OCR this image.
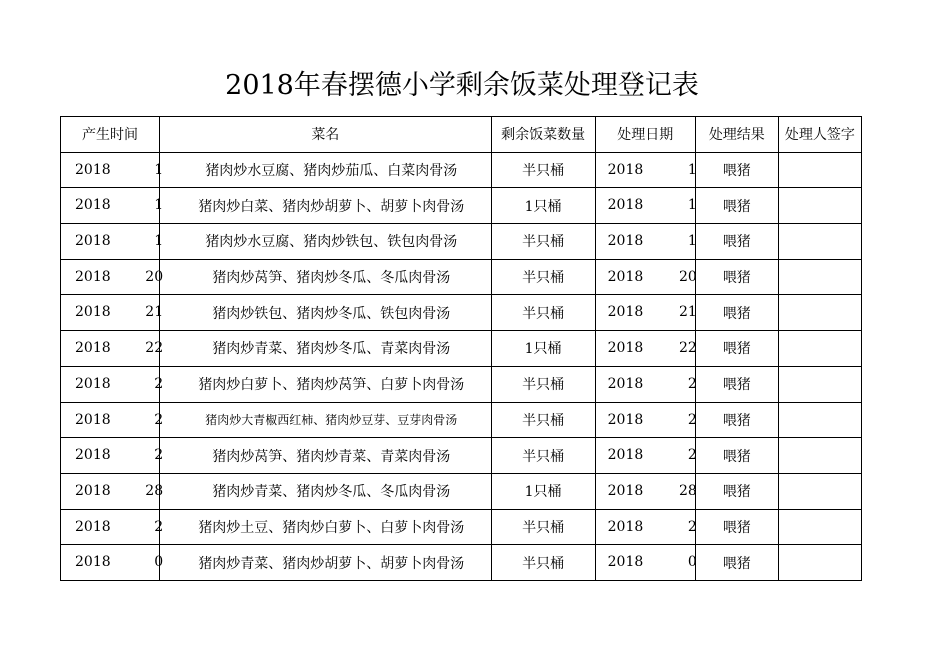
2018年春摆德小学剩余饭菜处理登记表
产生时间	菜名	剩余饭菜数量	处理日期	处理结果	处理人签字

2018 1	猪肉炒水豆腐、猪肉炒茄瓜、白菜肉骨汤	半只桶	2018 1	喂猪	

2018 1	猪肉炒白菜、猪肉炒胡萝卜、胡萝卜肉骨汤	1只桶	2018 1	喂猪	

2018 1	猪肉炒水豆腐、猪肉炒铁包、铁包肉骨汤	半只桶	2018 1	喂猪	

2018 20	猪肉炒莴笋、猪肉炒冬瓜、冬瓜肉骨汤	半只桶	2018 20	喂猪	

2018 21	猪肉炒铁包、猪肉炒冬瓜、铁包肉骨汤	半只桶	2018 21	喂猪	

2018 22	猪肉炒青菜、猪肉炒冬瓜、青菜肉骨汤	1只桶	2018 22	喂猪	

2018 2	猪肉炒白萝卜、猪肉炒莴笋、白萝卜肉骨汤	半只桶	2018 2	喂猪	

2018 2	猪肉炒大青椒西红柿、猪肉炒豆芽、豆芽肉骨汤	半只桶	2018 2	喂猪	

2018 2	猪肉炒莴笋、猪肉炒青菜、青菜肉骨汤	半只桶	2018 2	喂猪	

2018 28	猪肉炒青菜、猪肉炒冬瓜、冬瓜肉骨汤	1只桶	2018 28	喂猪	

2018 2	猪肉炒土豆、猪肉炒白萝卜、白萝卜肉骨汤	半只桶	2018 2	喂猪	

2018 0	猪肉炒青菜、猪肉炒胡萝卜、胡萝卜肉骨汤	半只桶	2018 0	喂猪	
